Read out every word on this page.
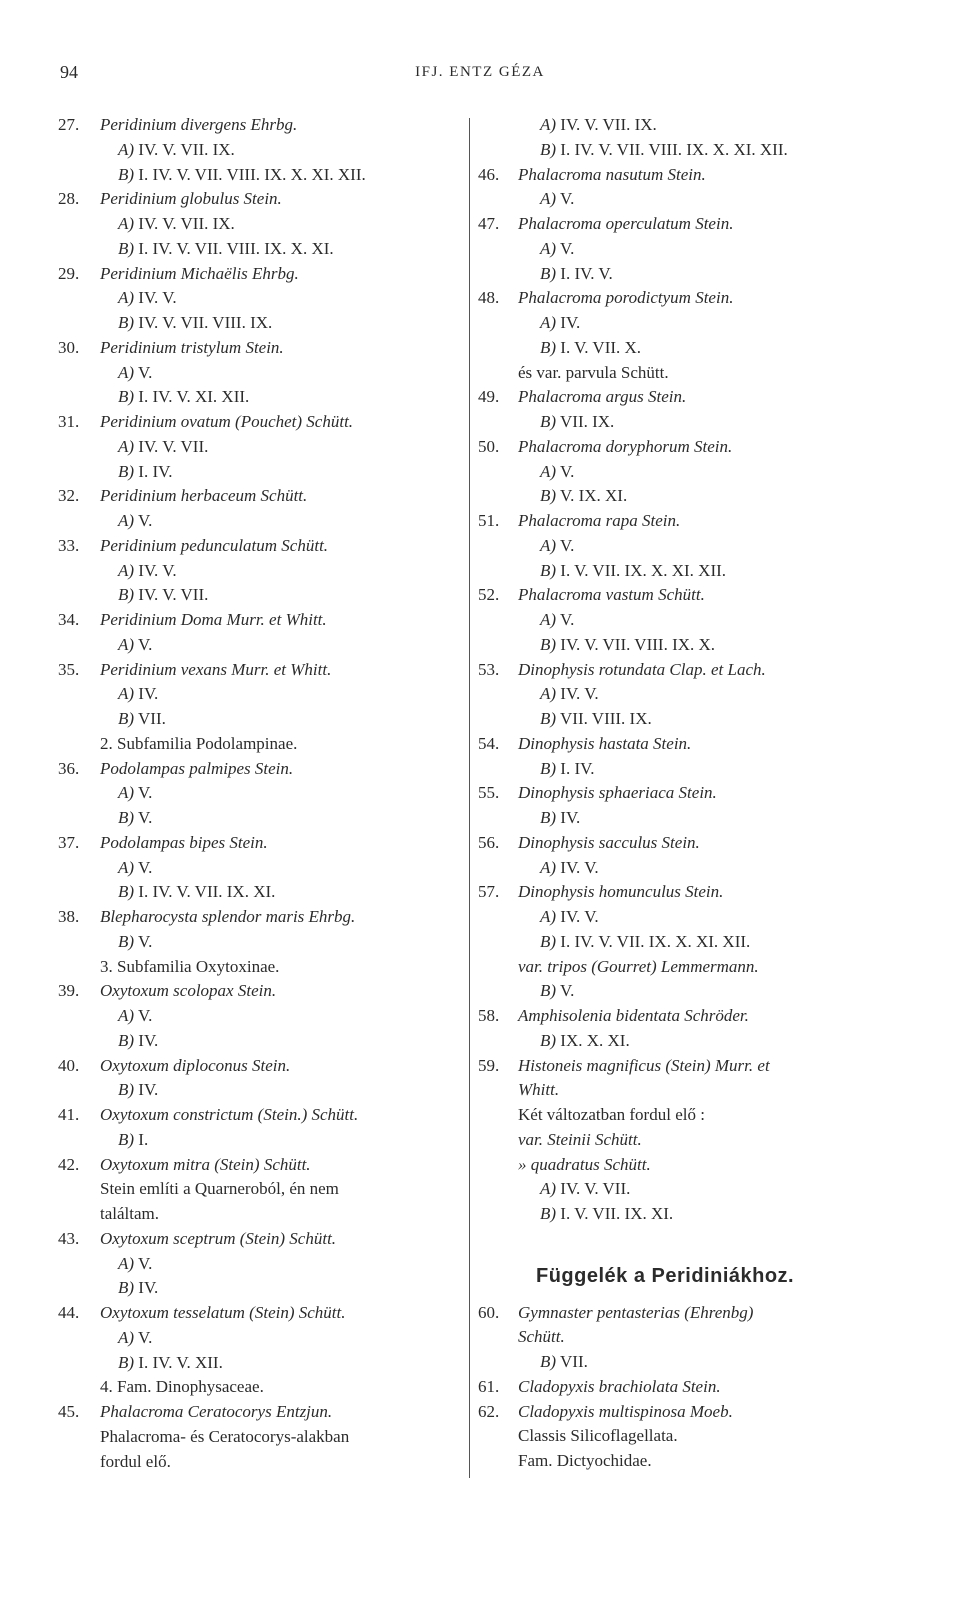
94	IFJ. ENTZ GÉZA
27. Peridinium divergens Ehrbg.
A) IV. V. VII. IX.
B) I. IV. V. VII. VIII. IX. X. XI. XII.
28. Peridinium globulus Stein.
A) IV. V. VII. IX.
B) I. IV. V. VII. VIII. IX. X. XI.
29. Peridinium Michaëlis Ehrbg.
A) IV. V.
B) IV. V. VII. VIII. IX.
30. Peridinium tristylum Stein.
A) V.
B) I. IV. V. XI. XII.
31. Peridinium ovatum (Pouchet) Schütt.
A) IV. V. VII.
B) I. IV.
32. Peridinium herbaceum Schütt.
A) V.
33. Peridinium pedunculatum Schütt.
A) IV. V.
B) IV. V. VII.
34. Peridinium Doma Murr. et Whitt.
A) V.
35. Peridinium vexans Murr. et Whitt.
A) IV.
B) VII.
2. Subfamilia Podolampinae.
36. Podolampas palmipes Stein.
A) V.
B) V.
37. Podolampas bipes Stein.
A) V.
B) I. IV. V. VII. IX. XI.
38. Blepharocysta splendor maris Ehrbg.
B) V.
3. Subfamilia Oxytoxinae.
39. Oxytoxum scolopax Stein.
A) V.
B) IV.
40. Oxytoxum diploconus Stein.
B) IV.
41. Oxytoxum constrictum (Stein.) Schütt.
B) I.
42. Oxytoxum mitra (Stein) Schütt.
Stein említi a Quarneroból, én nem
találtam.
43. Oxytoxum sceptrum (Stein) Schütt.
A) V.
B) IV.
44. Oxytoxum tesselatum (Stein) Schütt.
A) V.
B) I. IV. V. XII.
4. Fam. Dinophysaceae.
45. Phalacroma Ceratocorys Entzjun.
Phalacroma- és Ceratocorys-alakban
fordul elő.
A) IV. V. VII. IX.
B) I. IV. V. VII. VIII. IX. X. XI. XII.
46. Phalacroma nasutum Stein.
A) V.
47. Phalacroma operculatum Stein.
A) V.
B) I. IV. V.
48. Phalacroma porodictyum Stein.
A) IV.
B) I. V. VII. X.
és var. parvula Schütt.
49. Phalacroma argus Stein.
B) VII. IX.
50. Phalacroma doryphorum Stein.
A) V.
B) V. IX. XI.
51. Phalacroma rapa Stein.
A) V.
B) I. V. VII. IX. X. XI. XII.
52. Phalacroma vastum Schütt.
A) V.
B) IV. V. VII. VIII. IX. X.
53. Dinophysis rotundata Clap. et Lach.
A) IV. V.
B) VII. VIII. IX.
54. Dinophysis hastata Stein.
B) I. IV.
55. Dinophysis sphaeriaca Stein.
B) IV.
56. Dinophysis sacculus Stein.
A) IV. V.
57. Dinophysis homunculus Stein.
A) IV. V.
B) I. IV. V. VII. IX. X. XI. XII.
var. tripos (Gourret) Lemmermann.
B) V.
58. Amphisolenia bidentata Schröder.
B) IX. X. XI.
59. Histoneis magnificus (Stein) Murr. et
Whitt.
Két változatban fordul elő :
var. Steinii Schütt.
» quadratus Schütt.
A) IV. V. VII.
B) I. V. VII. IX. XI.
Függelék a Peridiniákhoz.
60. Gymnaster pentasterias (Ehrenbg)
Schütt.
B) VII.
61. Cladopyxis brachiolata Stein.
62. Cladopyxis multispinosa Moeb.
Classis Silicoflagellata.
Fam. Dictyochidae.
